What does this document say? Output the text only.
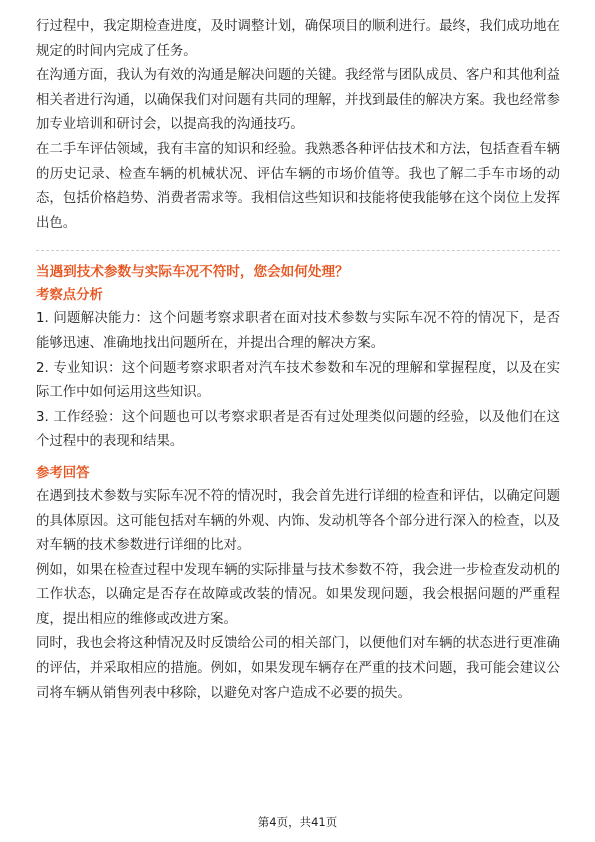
行过程中，我定期检查进度，及时调整计划，确保项目的顺利进行。最终，我们成功地在规定的时间内完成了任务。

在沟通方面，我认为有效的沟通是解决问题的关键。我经常与团队成员、客户和其他利益相关者进行沟通，以确保我们对问题有共同的理解，并找到最佳的解决方案。我也经常参加专业培训和研讨会，以提高我的沟通技巧。

在二手车评估领域，我有丰富的知识和经验。我熟悉各种评估技术和方法，包括查看车辆的历史记录、检查车辆的机械状况、评估车辆的市场价值等。我也了解二手车市场的动态，包括价格趋势、消费者需求等。我相信这些知识和技能将使我能够在这个岗位上发挥出色。

当遇到技术参数与实际车况不符时，您会如何处理？

考察点分析

1. 问题解决能力：这个问题考察求职者在面对技术参数与实际车况不符的情况下，是否能够迅速、准确地找出问题所在，并提出合理的解决方案。

2. 专业知识：这个问题考察求职者对汽车技术参数和车况的理解和掌握程度，以及在实际工作中如何运用这些知识。

3. 工作经验：这个问题也可以考察求职者是否有过处理类似问题的经验，以及他们在这个过程中的表现和结果。

参考回答

在遇到技术参数与实际车况不符的情况时，我会首先进行详细的检查和评估，以确定问题的具体原因。这可能包括对车辆的外观、内饰、发动机等各个部分进行深入的检查，以及对车辆的技术参数进行详细的比对。

例如，如果在检查过程中发现车辆的实际排量与技术参数不符，我会进一步检查发动机的工作状态，以确定是否存在故障或改装的情况。如果发现问题，我会根据问题的严重程度，提出相应的维修或改进方案。

同时，我也会将这种情况及时反馈给公司的相关部门，以便他们对车辆的状态进行更准确的评估，并采取相应的措施。例如，如果发现车辆存在严重的技术问题，我可能会建议公司将车辆从销售列表中移除，以避免对客户造成不必要的损失。

第4页，共41页
